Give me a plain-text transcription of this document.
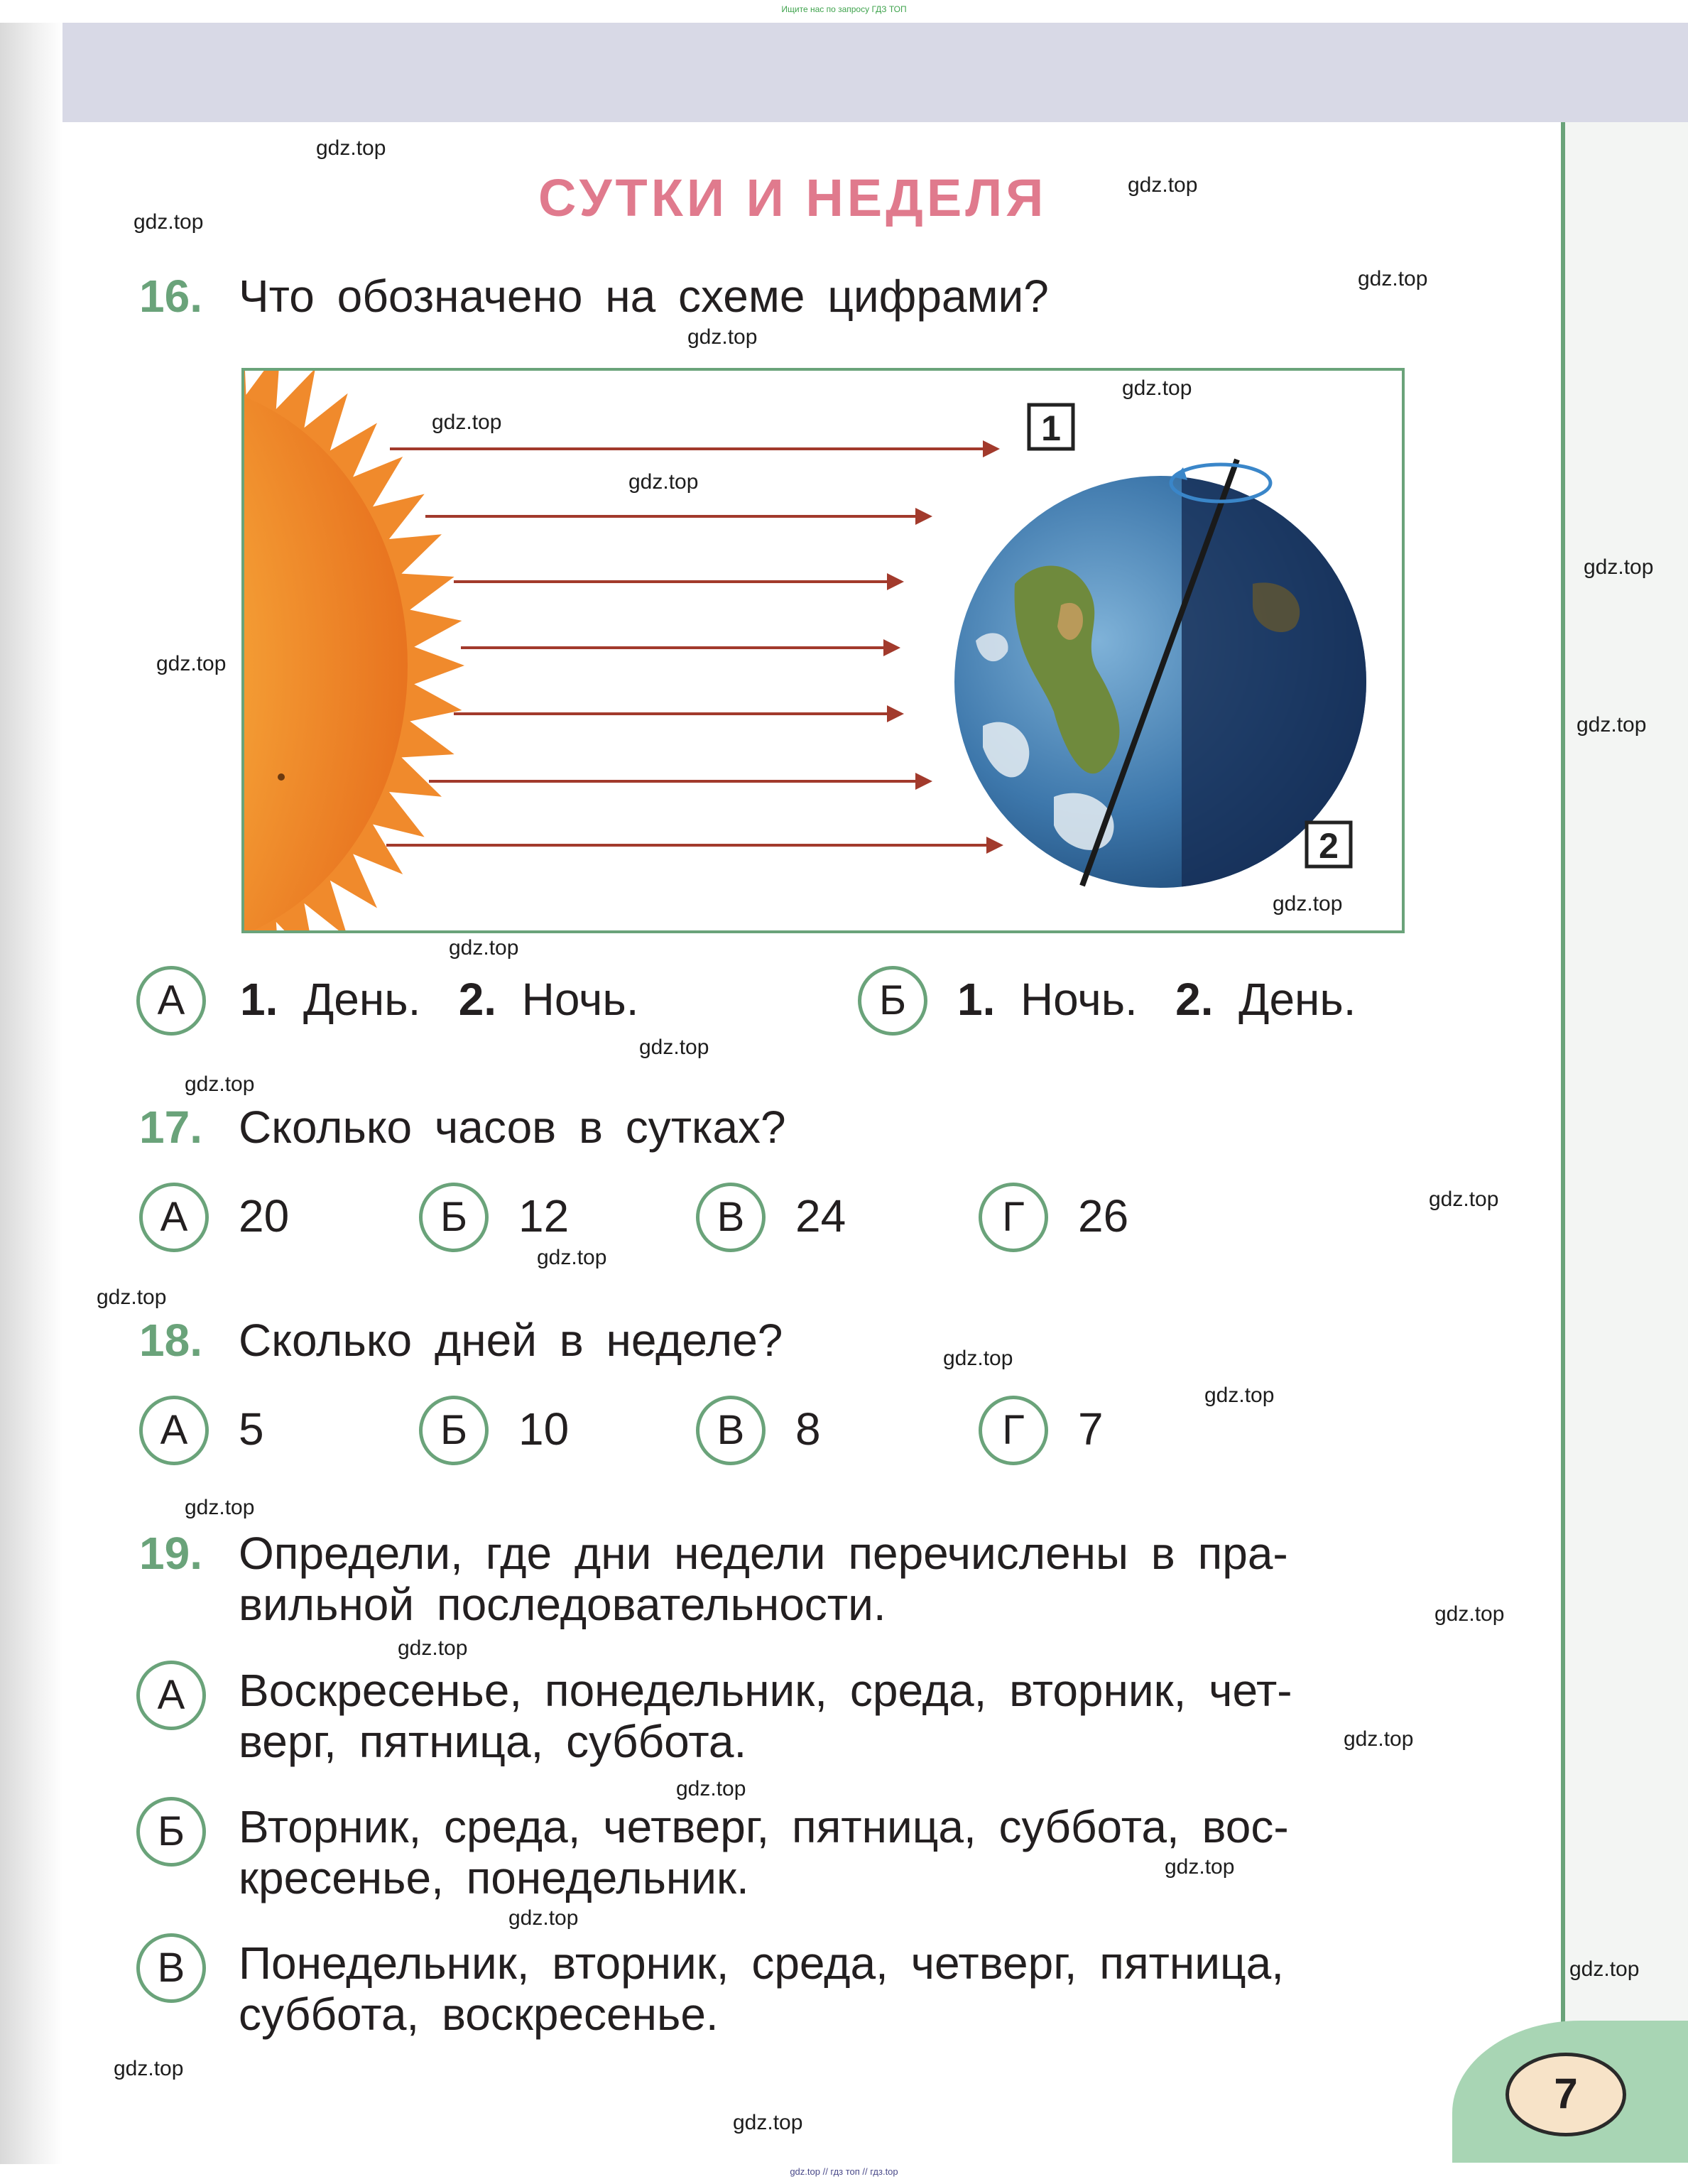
7
Ищите нас по запросу ГДЗ ТОП
gdz.top // гдз топ // гдз.top
СУТКИ И НЕДЕЛЯ
16. Что обозначено на схеме цифрами?
1
2
А	1. День. 2. Ночь.	Б	1. Ночь. 2. День.
17. Сколько часов в сутках?
А	20	Б	12	В	24	Г	26
18. Сколько дней в неделе?
А	5	Б	10	В	8	Г	7
19. Определи, где дни недели перечислены в пра-
вильной последовательности.
А	Воскресенье, понедельник, среда, вторник, чет-
верг, пятница, суббота.
Б	Вторник, среда, четверг, пятница, суббота, вос-
кресенье, понедельник.
В	Понедельник, вторник, среда, четверг, пятница,
суббота, воскресенье.
gdz.top
gdz.top
gdz.top
gdz.top
gdz.top
gdz.top
gdz.top
gdz.top
gdz.top
gdz.top
gdz.top
gdz.top
gdz.top
gdz.top
gdz.top
gdz.top
gdz.top
gdz.top
gdz.top
gdz.top
gdz.top
gdz.top
gdz.top
gdz.top
gdz.top
gdz.top
gdz.top
gdz.top
gdz.top
gdz.top
